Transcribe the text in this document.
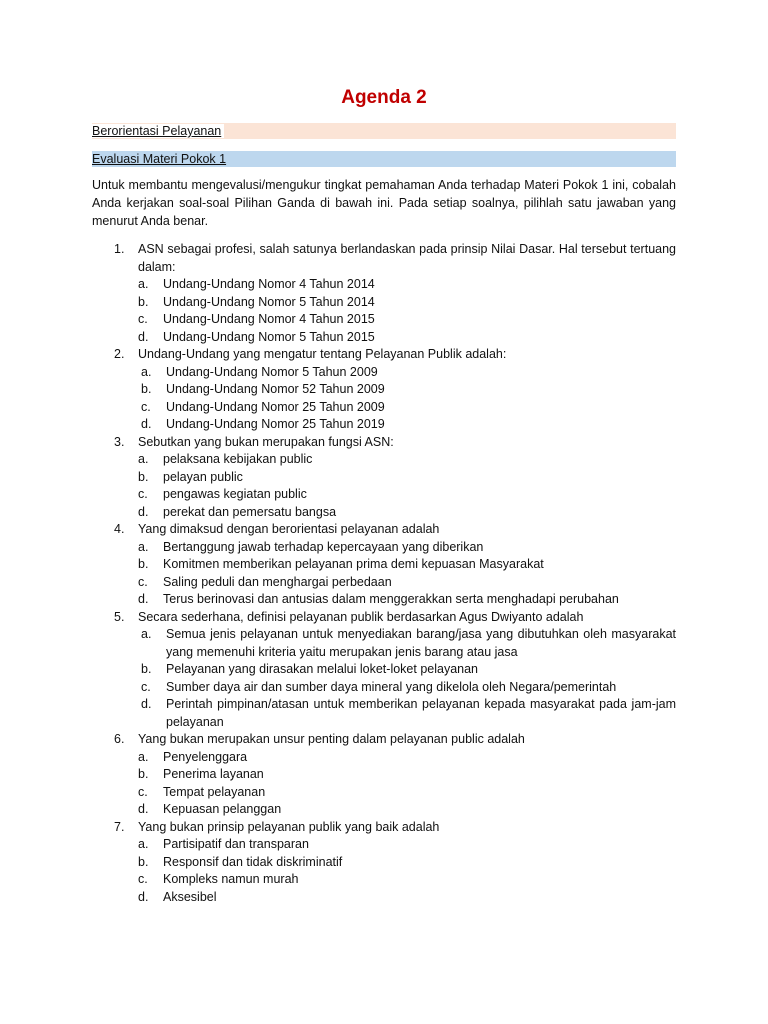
Agenda 2
Berorientasi Pelayanan
Evaluasi Materi Pokok 1
Untuk membantu mengevalusi/mengukur tingkat pemahaman Anda terhadap Materi Pokok 1 ini, cobalah Anda kerjakan soal-soal Pilihan Ganda di bawah ini. Pada setiap soalnya, pilihlah satu jawaban yang menurut Anda benar.
1. ASN sebagai profesi, salah satunya berlandaskan pada prinsip Nilai Dasar. Hal tersebut tertuang dalam:
a. Undang-Undang Nomor 4 Tahun 2014
b. Undang-Undang Nomor 5 Tahun 2014
c. Undang-Undang Nomor 4 Tahun 2015
d. Undang-Undang Nomor 5 Tahun 2015
2. Undang-Undang yang mengatur tentang Pelayanan Publik adalah:
a. Undang-Undang Nomor 5 Tahun 2009
b. Undang-Undang Nomor 52 Tahun 2009
c. Undang-Undang Nomor 25 Tahun 2009
d. Undang-Undang Nomor 25 Tahun 2019
3. Sebutkan yang bukan merupakan fungsi ASN:
a. pelaksana kebijakan public
b. pelayan public
c. pengawas kegiatan public
d. perekat dan pemersatu bangsa
4. Yang dimaksud dengan berorientasi pelayanan adalah
a. Bertanggung jawab terhadap kepercayaan yang diberikan
b. Komitmen memberikan pelayanan prima demi kepuasan Masyarakat
c. Saling peduli dan menghargai perbedaan
d. Terus berinovasi dan antusias dalam menggerakkan serta menghadapi perubahan
5. Secara sederhana, definisi pelayanan publik berdasarkan Agus Dwiyanto adalah
a. Semua jenis pelayanan untuk menyediakan barang/jasa yang dibutuhkan oleh masyarakat yang memenuhi kriteria yaitu merupakan jenis barang atau jasa
b. Pelayanan yang dirasakan melalui loket-loket pelayanan
c. Sumber daya air dan sumber daya mineral yang dikelola oleh Negara/pemerintah
d. Perintah pimpinan/atasan untuk memberikan pelayanan kepada masyarakat pada jam-jam pelayanan
6. Yang bukan merupakan unsur penting dalam pelayanan public adalah
a. Penyelenggara
b. Penerima layanan
c. Tempat pelayanan
d. Kepuasan pelanggan
7. Yang bukan prinsip pelayanan publik yang baik adalah
a. Partisipatif dan transparan
b. Responsif dan tidak diskriminatif
c. Kompleks namun murah
d. Aksesibel
